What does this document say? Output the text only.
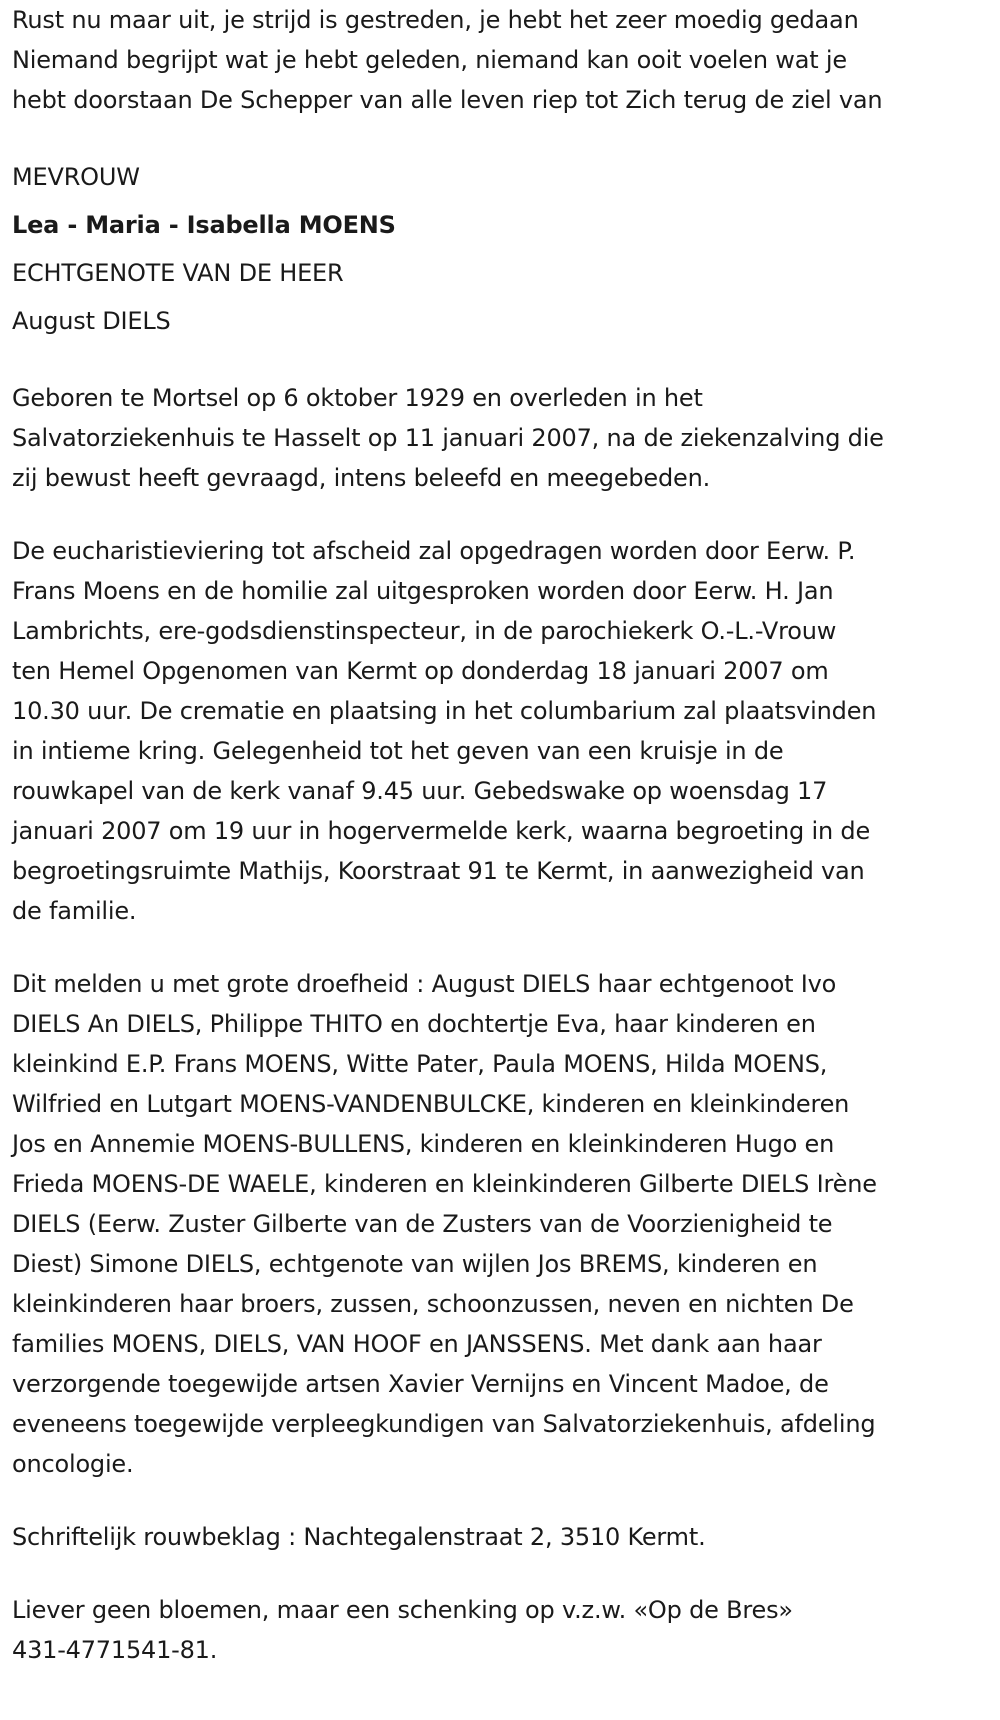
Rust nu maar uit, je strijd is gestreden, je hebt het zeer moedig gedaan
Niemand begrijpt wat je hebt geleden, niemand kan ooit voelen wat je
hebt doorstaan De Schepper van alle leven riep tot Zich terug de ziel van
MEVROUW
Lea - Maria - Isabella MOENS
ECHTGENOTE VAN DE HEER
August DIELS
Geboren te Mortsel op 6 oktober 1929 en overleden in het
Salvatorziekenhuis te Hasselt op 11 januari 2007, na de ziekenzalving die
zij bewust heeft gevraagd, intens beleefd en meegebeden.
De eucharistieviering tot afscheid zal opgedragen worden door Eerw. P.
Frans Moens en de homilie zal uitgesproken worden door Eerw. H. Jan
Lambrichts, ere-godsdienstinspecteur, in de parochiekerk O.-L.-Vrouw
ten Hemel Opgenomen van Kermt op donderdag 18 januari 2007 om
10.30 uur. De crematie en plaatsing in het columbarium zal plaatsvinden
in intieme kring. Gelegenheid tot het geven van een kruisje in de
rouwkapel van de kerk vanaf 9.45 uur. Gebedswake op woensdag 17
januari 2007 om 19 uur in hogervermelde kerk, waarna begroeting in de
begroetingsruimte Mathijs, Koorstraat 91 te Kermt, in aanwezigheid van
de familie.
Dit melden u met grote droefheid : August DIELS haar echtgenoot Ivo
DIELS An DIELS, Philippe THITO en dochtertje Eva, haar kinderen en
kleinkind E.P. Frans MOENS, Witte Pater, Paula MOENS, Hilda MOENS,
Wilfried en Lutgart MOENS-VANDENBULCKE, kinderen en kleinkinderen
Jos en Annemie MOENS-BULLENS, kinderen en kleinkinderen Hugo en
Frieda MOENS-DE WAELE, kinderen en kleinkinderen Gilberte DIELS Irène
DIELS (Eerw. Zuster Gilberte van de Zusters van de Voorzienigheid te
Diest) Simone DIELS, echtgenote van wijlen Jos BREMS, kinderen en
kleinkinderen haar broers, zussen, schoonzussen, neven en nichten De
families MOENS, DIELS, VAN HOOF en JANSSENS. Met dank aan haar
verzorgende toegewijde artsen Xavier Vernijns en Vincent Madoe, de
eveneens toegewijde verpleegkundigen van Salvatorziekenhuis, afdeling
oncologie.
Schriftelijk rouwbeklag : Nachtegalenstraat 2, 3510 Kermt.
Liever geen bloemen, maar een schenking op v.z.w. «Op de Bres»
431-4771541-81.
